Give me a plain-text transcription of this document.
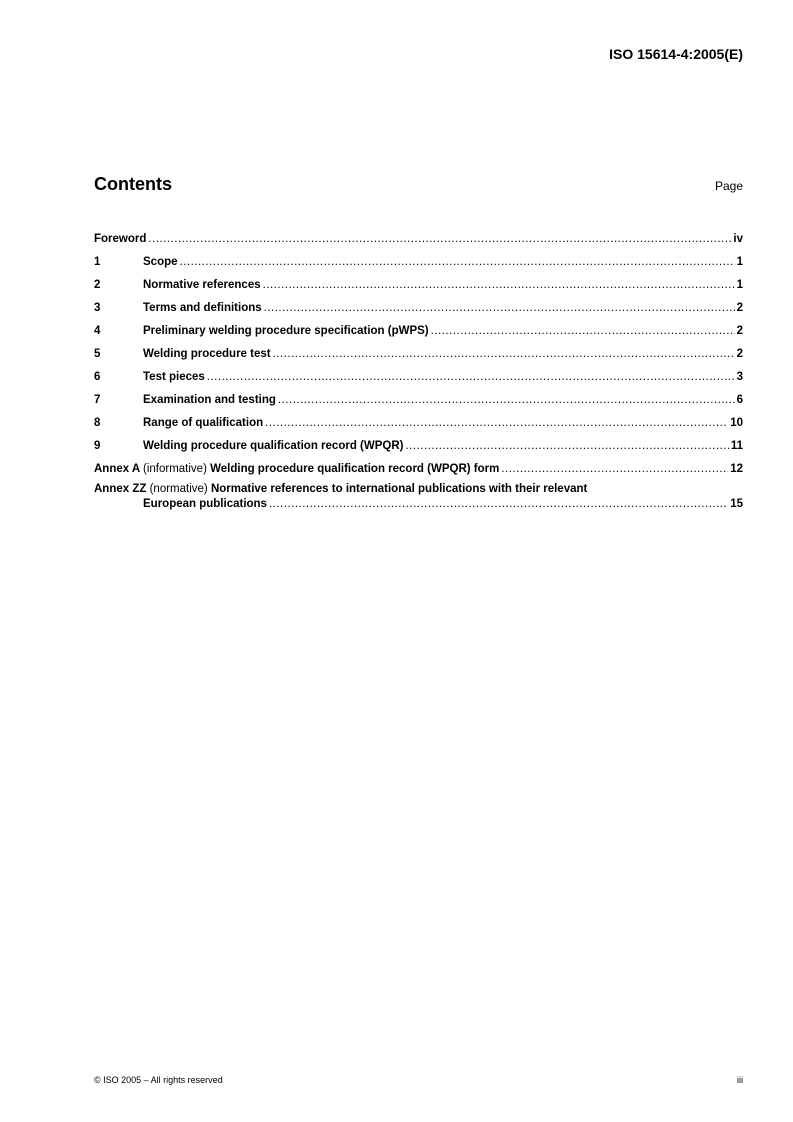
ISO 15614-4:2005(E)
Contents	Page
Foreword .....	iv
1	Scope .....	1
2	Normative references .....	1
3	Terms and definitions .....	2
4	Preliminary welding procedure specification (pWPS) .....	2
5	Welding procedure test .....	2
6	Test pieces .....	3
7	Examination and testing .....	6
8	Range of qualification .....	10
9	Welding procedure qualification record (WPQR) .....	11
Annex A (informative) Welding procedure qualification record (WPQR) form .....	12
Annex ZZ (normative) Normative references to international publications with their relevant
European publications .....	15
© ISO 2005 – All rights reserved	iii
